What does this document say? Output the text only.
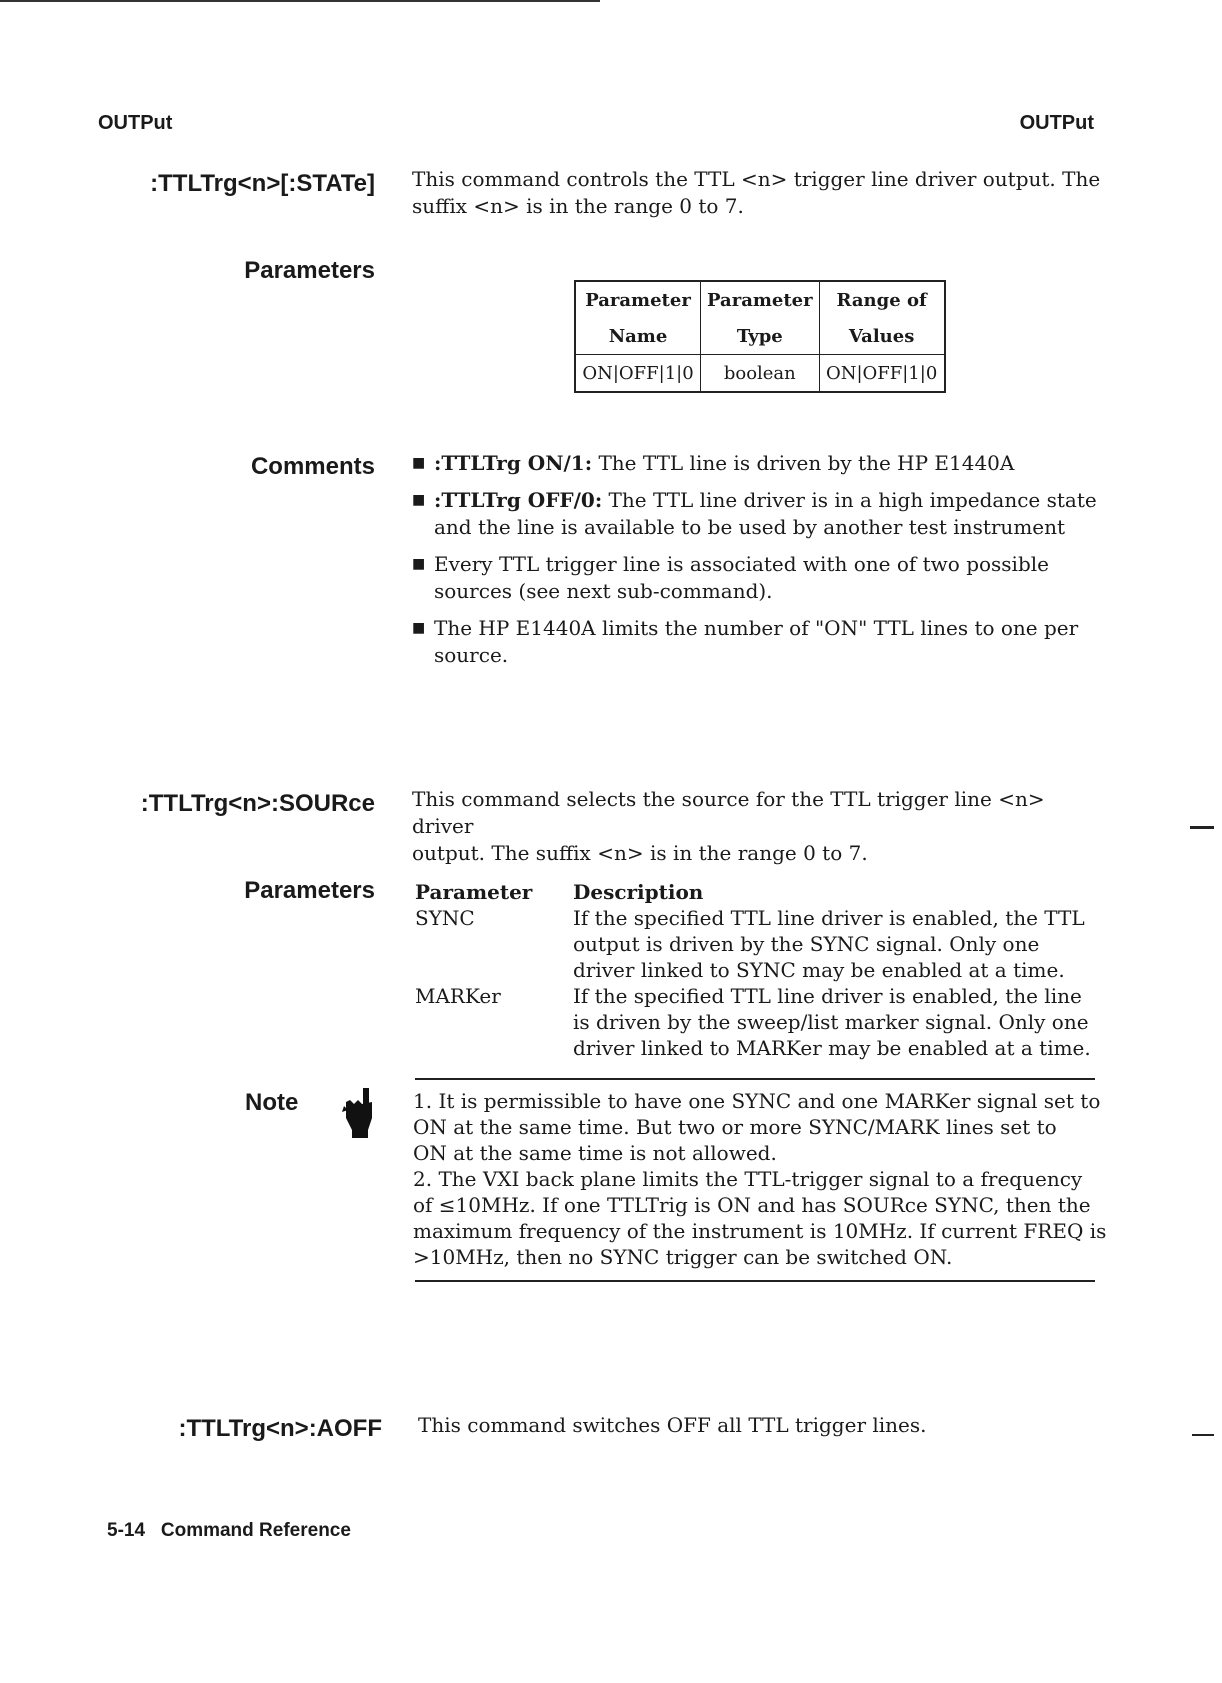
OUTPut	OUTPut
:TTLTrg<n>[:STATe] This command controls the TTL <n> trigger line driver output. The
suffix <n> is in the range 0 to 7.
Parameters
Parameter	Parameter	Range of
Name	Type	Values
ON|OFF|1|0	boolean	ON|OFF|1|0
Comments	■ :TTLTrg ON/1: The TTL line is driven by the HP E1440A
■ :TTLTrg OFF/0: The TTL line driver is in a high impedance state and the line is available to be used by another test instrument
■ Every TTL trigger line is associated with one of two possible sources (see next sub-command).
■ The HP E1440A limits the number of "ON" TTL lines to one per source.
:TTLTrg<n>:SOURce This command selects the source for the TTL trigger line <n> driver
output. The suffix <n> is in the range 0 to 7.
Parameters Parameter	Description
SYNC	If the specified TTL line driver is enabled, the TTL
output is driven by the SYNC signal. Only one
driver linked to SYNC may be enabled at a time.
MARKer	If the specified TTL line driver is enabled, the line
is driven by the sweep/list marker signal. Only one
driver linked to MARKer may be enabled at a time.
Note	1. It is permissible to have one SYNC and one MARKer signal set to
ON at the same time. But two or more SYNC/MARK lines set to
ON at the same time is not allowed.
2. The VXI back plane limits the TTL-trigger signal to a frequency
of ≤10MHz. If one TTLTrig is ON and has SOURce SYNC, then the
maximum frequency of the instrument is 10MHz. If current FREQ is
>10MHz, then no SYNC trigger can be switched ON.
:TTLTrg<n>:AOFF This command switches OFF all TTL trigger lines.
5-14 Command Reference
